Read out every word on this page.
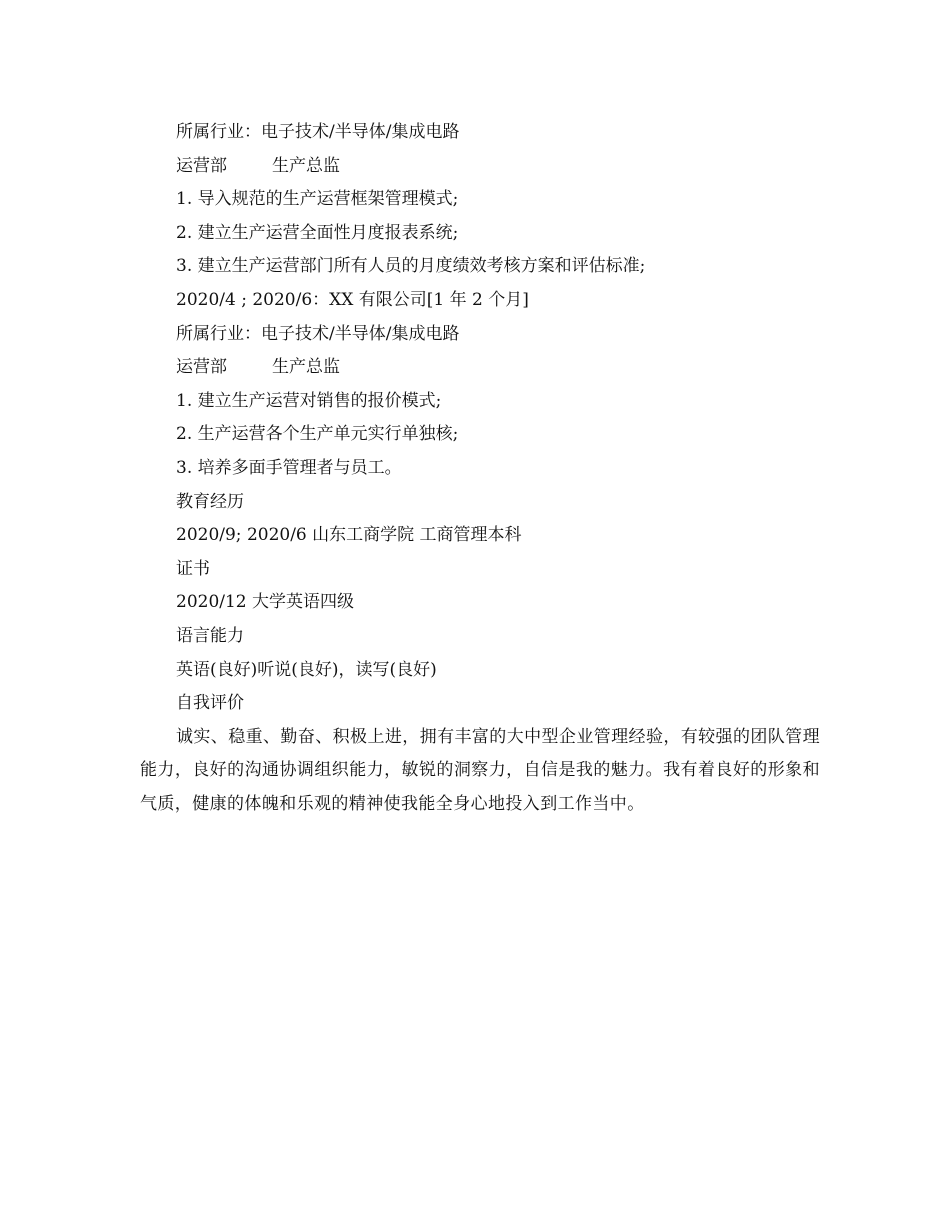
所属行业：电子技术/半导体/集成电路

运营部	生产总监

1. 导入规范的生产运营框架管理模式;

2. 建立生产运营全面性月度报表系统;

3. 建立生产运营部门所有人员的月度绩效考核方案和评估标准;

2020/4 ; 2020/6：XX 有限公司[1 年 2 个月]

所属行业：电子技术/半导体/集成电路

运营部	生产总监

1. 建立生产运营对销售的报价模式;

2. 生产运营各个生产单元实行单独核;

3. 培养多面手管理者与员工。

教育经历

2020/9; 2020/6 山东工商学院 工商管理本科

证书

2020/12 大学英语四级

语言能力

英语(良好)听说(良好)，读写(良好)

自我评价

诚实、稳重、勤奋、积极上进，拥有丰富的大中型企业管理经验，有较强的团队管理能力，良好的沟通协调组织能力，敏锐的洞察力，自信是我的魅力。我有着良好的形象和气质，健康的体魄和乐观的精神使我能全身心地投入到工作当中。
